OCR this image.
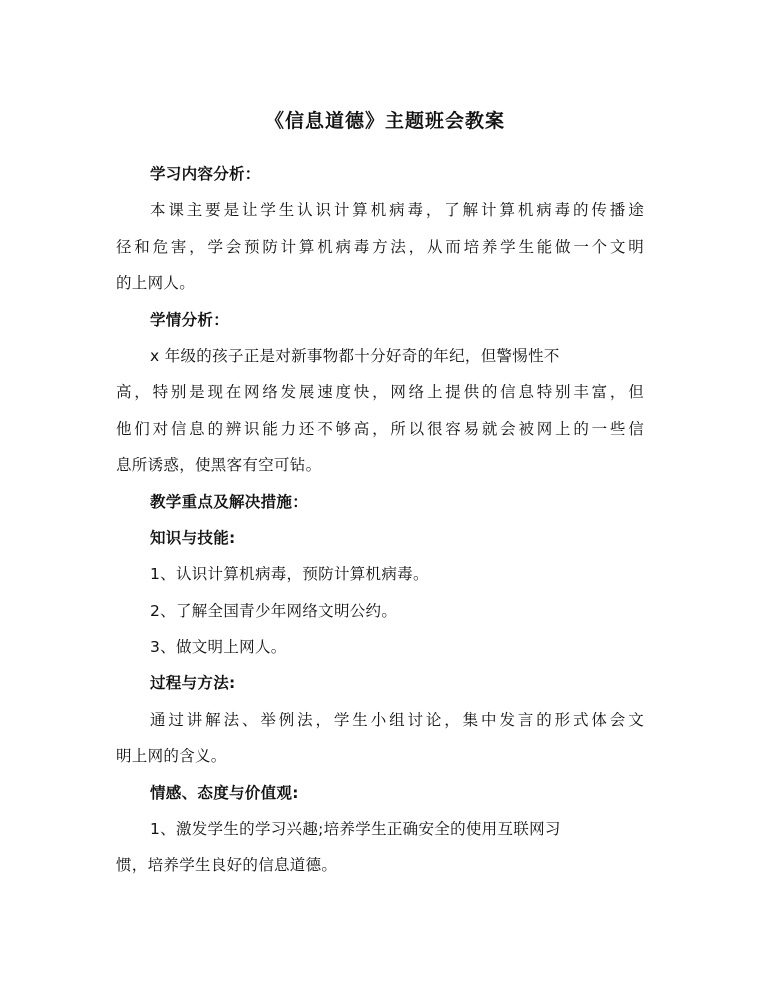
《信息道德》主题班会教案
学习内容分析：
本课主要是让学生认识计算机病毒，了解计算机病毒的传播途
径和危害，学会预防计算机病毒方法，从而培养学生能做一个文明
的上网人。
学情分析：
x 年级的孩子正是对新事物都十分好奇的年纪，但警惕性不
高，特别是现在网络发展速度快，网络上提供的信息特别丰富，但
他们对信息的辨识能力还不够高，所以很容易就会被网上的一些信
息所诱惑，使黑客有空可钻。
教学重点及解决措施：
知识与技能:
1、认识计算机病毒，预防计算机病毒。
2、了解全国青少年网络文明公约。
3、做文明上网人。
过程与方法:
通过讲解法、举例法，学生小组讨论，集中发言的形式体会文
明上网的含义。
情感、态度与价值观:
1、激发学生的学习兴趣;培养学生正确安全的使用互联网习
惯，培养学生良好的信息道德。
